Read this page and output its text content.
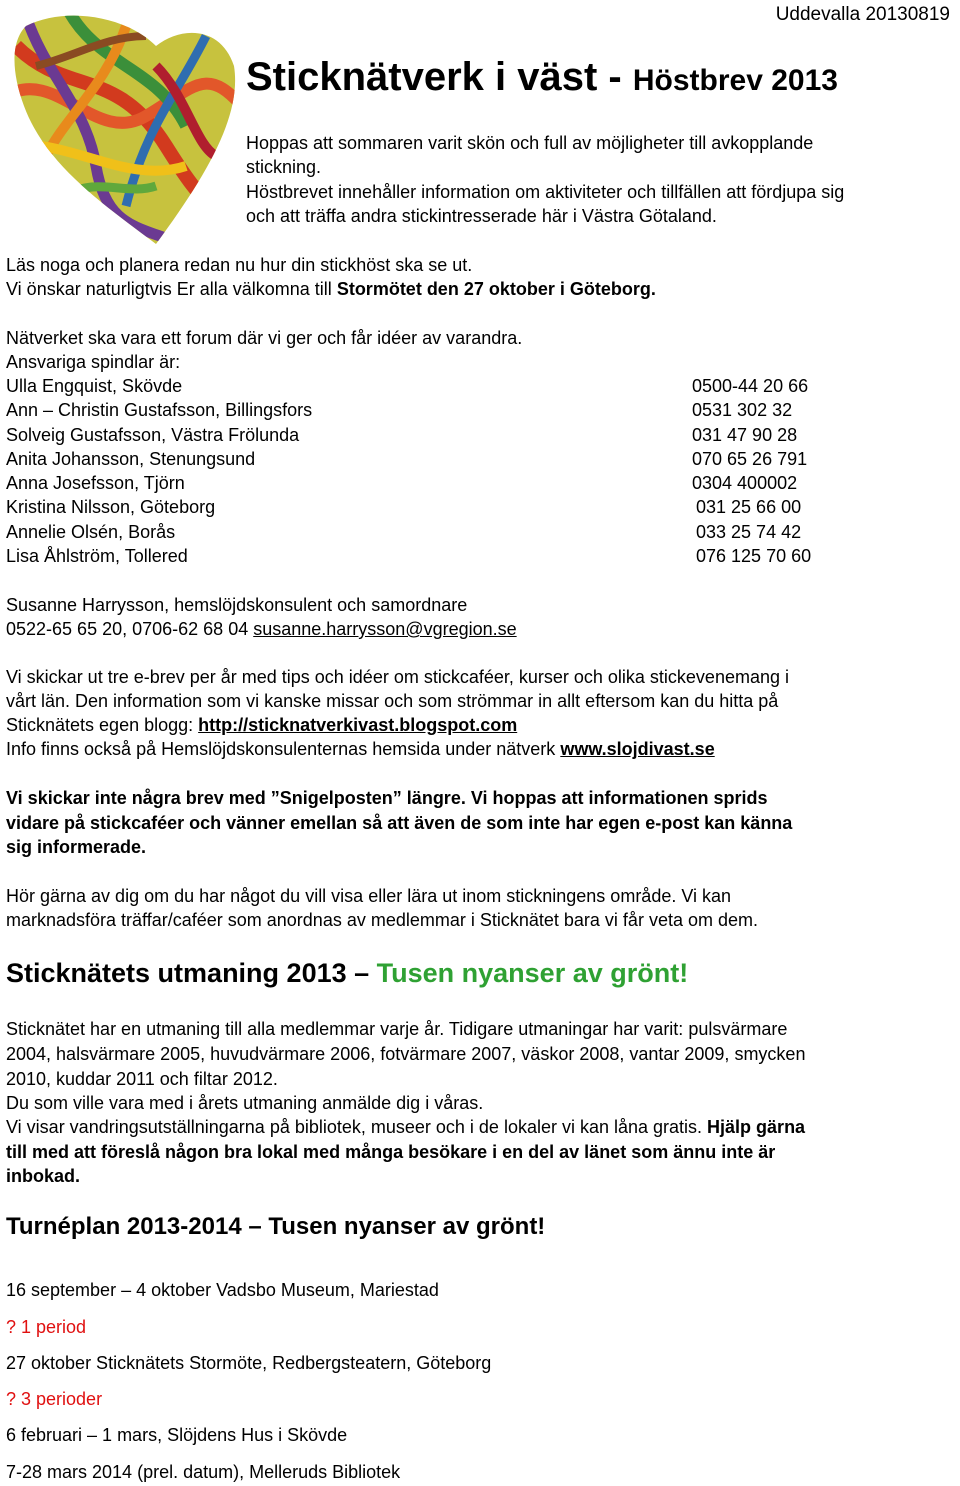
Uddevalla 20130819
Sticknätverk i väst - Höstbrev 2013
Hoppas att sommaren varit skön och full av möjligheter till avkopplande
stickning.
Höstbrevet innehåller information om aktiviteter och tillfällen att fördjupa sig
och att träffa andra stickintresserade här i Västra Götaland.
Läs noga och planera redan nu hur din stickhöst ska se ut.
Vi önskar naturligtvis Er alla välkomna till Stormötet den 27 oktober i Göteborg.
Nätverket ska vara ett forum där vi ger och får idéer av varandra.
Ansvariga spindlar är:
Ulla Engquist, Skövde	0500-44 20 66
Ann – Christin Gustafsson, Billingsfors	0531 302 32
Solveig Gustafsson, Västra Frölunda	031 47 90 28
Anita Johansson, Stenungsund	070 65 26 791
Anna Josefsson, Tjörn	0304 400002
Kristina Nilsson, Göteborg	031 25 66 00
Annelie Olsén, Borås	033 25 74 42
Lisa Åhlström, Tollered	076 125 70 60
Susanne Harrysson, hemslöjdskonsulent och samordnare
0522-65 65 20, 0706-62 68 04 susanne.harrysson@vgregion.se
Vi skickar ut tre e-brev per år med tips och idéer om stickcaféer, kurser och olika stickevenemang i
vårt län. Den information som vi kanske missar och som strömmar in allt eftersom kan du hitta på
Sticknätets egen blogg: http://sticknatverkivast.blogspot.com
Info finns också på Hemslöjdskonsulenternas hemsida under nätverk www.slojdivast.se
Vi skickar inte några brev med ”Snigelposten” längre. Vi hoppas att informationen sprids
vidare på stickcaféer och vänner emellan så att även de som inte har egen e-post kan känna
sig informerade.
Hör gärna av dig om du har något du vill visa eller lära ut inom stickningens område. Vi kan
marknadsföra träffar/caféer som anordnas av medlemmar i Sticknätet bara vi får veta om dem.
Sticknätets utmaning 2013 – Tusen nyanser av grönt!
Sticknätet har en utmaning till alla medlemmar varje år. Tidigare utmaningar har varit: pulsvärmare
2004, halsvärmare 2005, huvudvärmare 2006, fotvärmare 2007, väskor 2008, vantar 2009, smycken
2010, kuddar 2011 och filtar 2012.
Du som ville vara med i årets utmaning anmälde dig i våras.
Vi visar vandringsutställningarna på bibliotek, museer och i de lokaler vi kan låna gratis. Hjälp gärna
till med att föreslå någon bra lokal med många besökare i en del av länet som ännu inte är
inbokad.
Turnéplan 2013-2014 – Tusen nyanser av grönt!
16 september – 4 oktober Vadsbo Museum, Mariestad
? 1 period
27 oktober Sticknätets Stormöte, Redbergsteatern, Göteborg
? 3 perioder
6 februari – 1 mars, Slöjdens Hus i Skövde
7-28 mars 2014 (prel. datum), Melleruds Bibliotek
